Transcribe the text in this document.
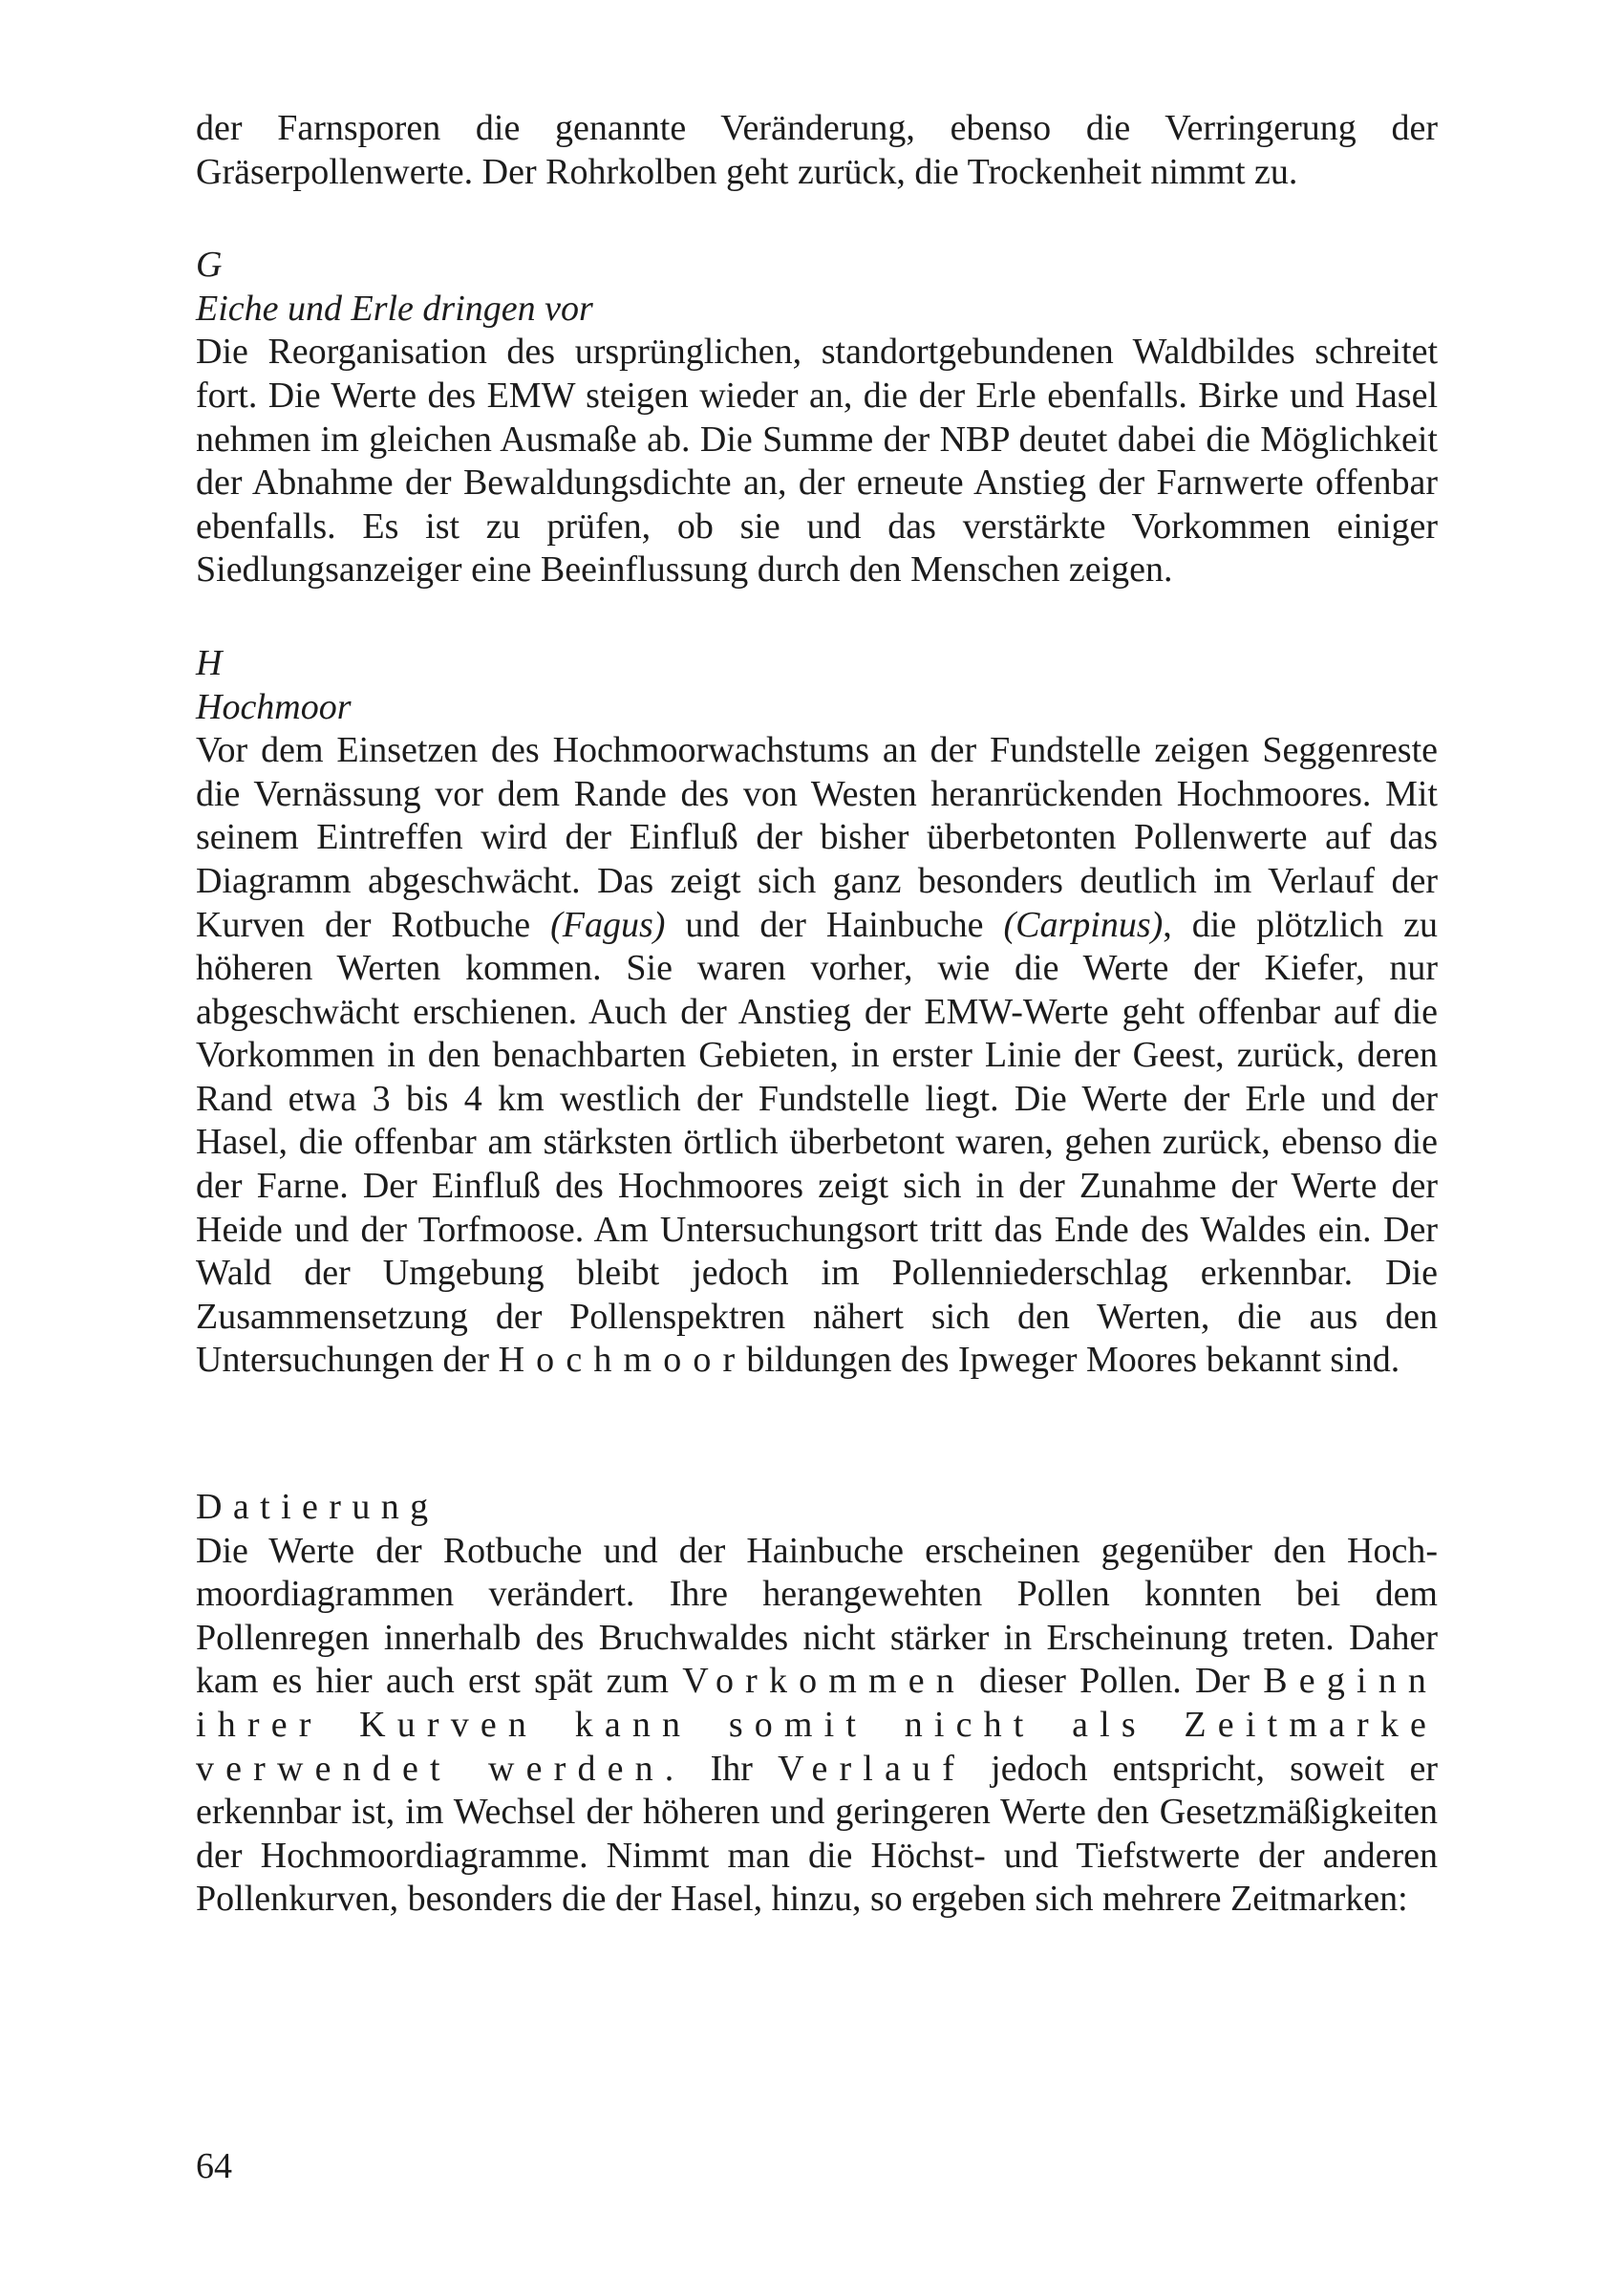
der Farnsporen die genannte Veränderung, ebenso die Verringerung der Gräserpollenwerte. Der Rohrkolben geht zurück, die Trockenheit nimmt zu.

G

Eiche und Erle dringen vor

Die Reorganisation des ursprünglichen, standortgebundenen Waldbildes schreitet fort. Die Werte des EMW steigen wieder an, die der Erle ebenfalls. Birke und Hasel nehmen im gleichen Ausmaße ab. Die Summe der NBP deutet dabei die Möglichkeit der Abnahme der Bewaldungsdichte an, der erneute Anstieg der Farnwerte offenbar ebenfalls. Es ist zu prüfen, ob sie und das verstärkte Vorkommen einiger Siedlungsanzeiger eine Beeinflussung durch den Menschen zeigen.

H

Hochmoor

Vor dem Einsetzen des Hochmoorwachstums an der Fundstelle zeigen Seggenreste die Vernässung vor dem Rande des von Westen heranrückenden Hochmoores. Mit seinem Eintreffen wird der Einfluß der bisher überbetonten Pollenwerte auf das Diagramm abgeschwächt. Das zeigt sich ganz besonders deutlich im Verlauf der Kurven der Rotbuche (Fagus) und der Hainbuche (Carpinus), die plötzlich zu höheren Werten kommen. Sie waren vorher, wie die Werte der Kiefer, nur abgeschwächt erschienen. Auch der Anstieg der EMW-Werte geht offenbar auf die Vorkommen in den benachbarten Gebieten, in erster Linie der Geest, zurück, deren Rand etwa 3 bis 4 km westlich der Fundstelle liegt. Die Werte der Erle und der Hasel, die offenbar am stärksten örtlich überbetont waren, gehen zurück, ebenso die der Farne. Der Einfluß des Hochmoores zeigt sich in der Zunahme der Werte der Heide und der Torfmoose. Am Untersuchungsort tritt das Ende des Waldes ein. Der Wald der Umgebung bleibt jedoch im Pollenniederschlag erkennbar. Die Zusammensetzung der Pollenspektren nähert sich den Werten, die aus den Untersuchungen der Hochmoorbildungen des Ipweger Moores bekannt sind.

Datierung

Die Werte der Rotbuche und der Hainbuche erscheinen gegenüber den Hochmoordiagrammen verändert. Ihre herangewehten Pollen konnten bei dem Pollenregen innerhalb des Bruchwaldes nicht stärker in Erscheinung treten. Daher kam es hier auch erst spät zum Vorkommen dieser Pollen. Der Beginn ihrer Kurven kann somit nicht als Zeitmarke verwendet werden. Ihr Verlauf jedoch entspricht, soweit er erkennbar ist, im Wechsel der höheren und geringeren Werte den Gesetzmäßigkeiten der Hochmoordiagramme. Nimmt man die Höchst- und Tiefstwerte der anderen Pollenkurven, besonders die der Hasel, hinzu, so ergeben sich mehrere Zeitmarken:

64
